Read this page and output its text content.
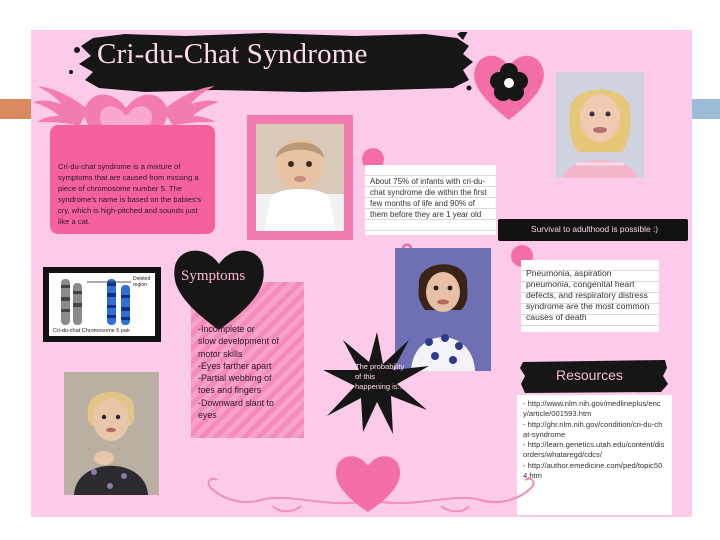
Cri-du-Chat Syndrome

Cri-du-chat syndrome is a mixture of symptoms that are caused from missing a piece of chromosome number 5. The syndrome's name is based on the babies's cry, which is high-pitched and sounds just like a cat.

About 75% of infants with cri-du-chat syndrome die within the first few months of life and 90% of them before they are 1 year old

Survival to adulthood is possible :)
Deleted region
Cri-du-chat Chromosome 5 pair
Symptoms
-Incomplete or
slow development of
motor skills
-Eyes farther apart
-Partial webbing of
toes and fingers
-Downward slant to
eyes

Pneumonia, aspiration pneumonia, congenital heart defects, and respiratory distress syndrome are the most common causes of death

The probability of this happening is...
Resources

- http://www.nlm.nih.gov/medlineplus/ency/article/001593.htm
- http://ghr.nlm.nih.gov/condition/cri-du-chat-syndrome
- http://learn.genetics.utah.edu/content/disorders/whataregd/cdcs/
- http://author.emedicine.com/ped/topic504.htm
